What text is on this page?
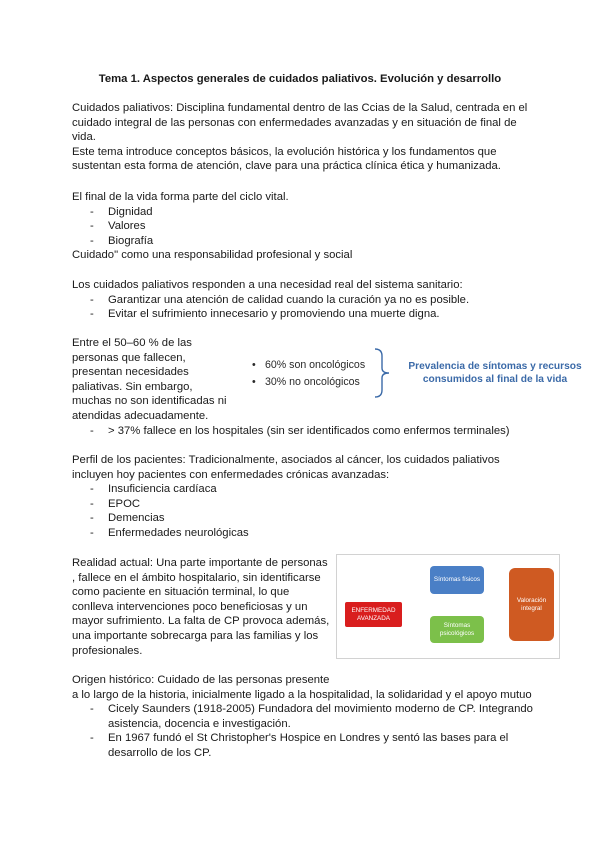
Tema 1. Aspectos generales de cuidados paliativos. Evolución y desarrollo
Cuidados paliativos: Disciplina fundamental dentro de las Ccias de la Salud, centrada en el
cuidado integral de las personas con enfermedades avanzadas y en situación de final de
vida.
Este tema introduce conceptos básicos, la evolución histórica y los fundamentos que
sustentan esta forma de atención, clave para una práctica clínica ética y humanizada.
El final de la vida forma parte del ciclo vital.
- Dignidad
- Valores
- Biografía
Cuidado" como una responsabilidad profesional y social
Los cuidados paliativos responden a una necesidad real del sistema sanitario:
- Garantizar una atención de calidad cuando la curación ya no es posible.
- Evitar el sufrimiento innecesario y promoviendo una muerte digna.
Entre el 50–60 % de las
personas que fallecen,
presentan necesidades
paliativas. Sin embargo,
muchas no son identificadas ni
atendidas adecuadamente.
• 60% son oncológicos
• 30% no oncológicos
Prevalencia de síntomas y recursos
consumidos al final de la vida
- > 37% fallece en los hospitales (sin ser identificados como enfermos terminales)
Perfil de los pacientes: Tradicionalmente, asociados al cáncer, los cuidados paliativos
incluyen hoy pacientes con enfermedades crónicas avanzadas:
- Insuficiencia cardíaca
- EPOC
- Demencias
- Enfermedades neurológicas
Realidad actual: Una parte importante de personas
, fallece en el ámbito hospitalario, sin identificarse
como paciente en situación terminal, lo que
conlleva intervenciones poco beneficiosas y un
mayor sufrimiento. La falta de CP provoca además,
una importante sobrecarga para las familias y los
profesionales.
ENFERMEDAD AVANZADA
Síntomas físicos
Síntomas psicológicos
Valoración integral
Origen histórico: Cuidado de las personas presente
a lo largo de la historia, inicialmente ligado a la hospitalidad, la solidaridad y el apoyo mutuo
- Cicely Saunders (1918-2005) Fundadora del movimiento moderno de CP. Integrando
asistencia, docencia e investigación.
- En 1967 fundó el St Christopher's Hospice en Londres y sentó las bases para el
desarrollo de los CP.
